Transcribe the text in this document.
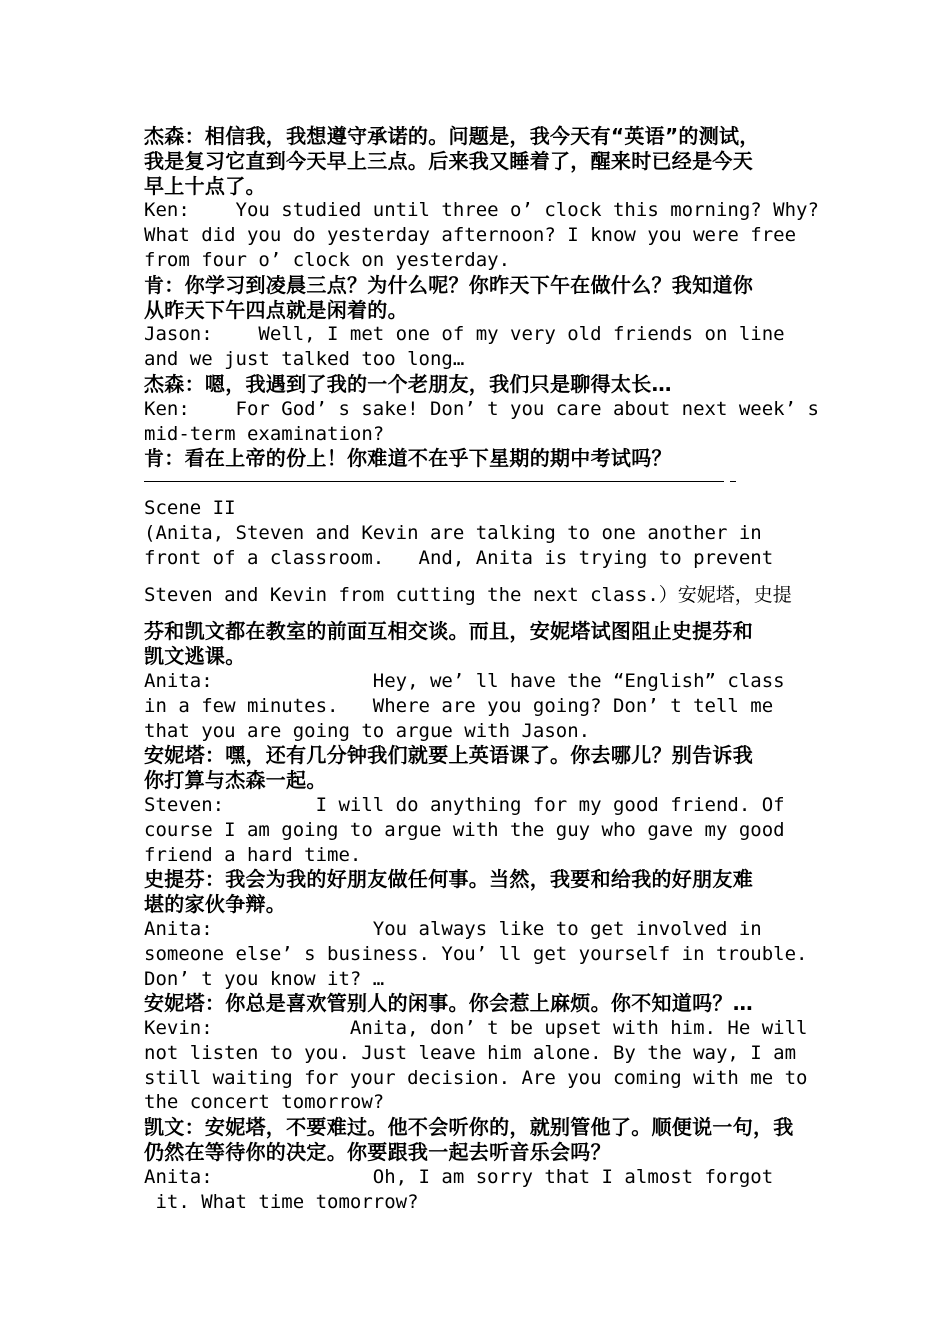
杰森：相信我，我想遵守承诺的。问题是，我今天有“英语”的测试，
我是复习它直到今天早上三点。后来我又睡着了，醒来时已经是今天
早上十点了。
Ken:    You studied until three o’ clock this morning? Why?
What did you do yesterday afternoon? I know you were free
from four o’ clock on yesterday.
肯：你学习到凌晨三点？为什么呢？你昨天下午在做什么？我知道你
从昨天下午四点就是闲着的。
Jason:    Well, I met one of my very old friends on line
and we just talked too long…
杰森：嗯，我遇到了我的一个老朋友，我们只是聊得太长…
Ken:    For God’ s sake! Don’ t you care about next week’ s
mid-term examination?
肯：看在上帝的份上！你难道不在乎下星期的期中考试吗？
Scene II
(Anita, Steven and Kevin are talking to one another in
front of a classroom.   And, Anita is trying to prevent
Steven and Kevin from cutting the next class.）安妮塔，史提
芬和凯文都在教室的前面互相交谈。而且，安妮塔试图阻止史提芬和
凯文逃课。
Anita:              Hey, we’ ll have the “English” class
in a few minutes.   Where are you going? Don’ t tell me
that you are going to argue with Jason.
安妮塔：嘿，还有几分钟我们就要上英语课了。你去哪儿？别告诉我
你打算与杰森一起。
Steven:        I will do anything for my good friend. Of
course I am going to argue with the guy who gave my good
friend a hard time.
史提芬：我会为我的好朋友做任何事。当然，我要和给我的好朋友难
堪的家伙争辩。
Anita:              You always like to get involved in
someone else’ s business. You’ ll get yourself in trouble.
Don’ t you know it? …
安妮塔：你总是喜欢管别人的闲事。你会惹上麻烦。你不知道吗？…
Kevin:            Anita, don’ t be upset with him. He will
not listen to you. Just leave him alone. By the way, I am
still waiting for your decision. Are you coming with me to
the concert tomorrow?
凯文：安妮塔，不要难过。他不会听你的，就别管他了。顺便说一句，我
仍然在等待你的决定。你要跟我一起去听音乐会吗？
Anita:              Oh, I am sorry that I almost forgot
it. What time tomorrow?
